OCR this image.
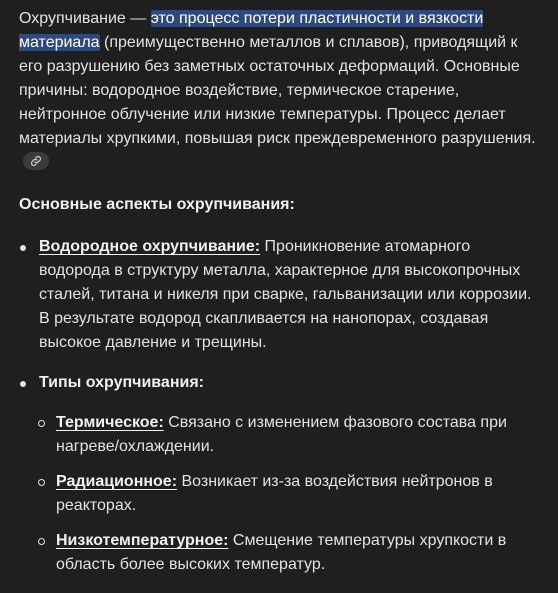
Охрупчивание — это процесс потери пластичности и вязкости материала (преимущественно металлов и сплавов), приводящий к его разрушению без заметных остаточных деформаций. Основные причины: водородное воздействие, термическое старение, нейтронное облучение или низкие температуры. Процесс делает материалы хрупкими, повышая риск преждевременного разрушения.

Основные аспекты охрупчивания:

Водородное охрупчивание: Проникновение атомарного водорода в структуру металла, характерное для высокопрочных сталей, титана и никеля при сварке, гальванизации или коррозии. В результате водород скапливается на нанопорах, создавая высокое давление и трещины.
Типы охрупчивания:
Термическое: Связано с изменением фазового состава при нагреве/охлаждении.
Радиационное: Возникает из-за воздействия нейтронов в реакторах.
Низкотемпературное: Смещение температуры хрупкости в область более высоких температур.
